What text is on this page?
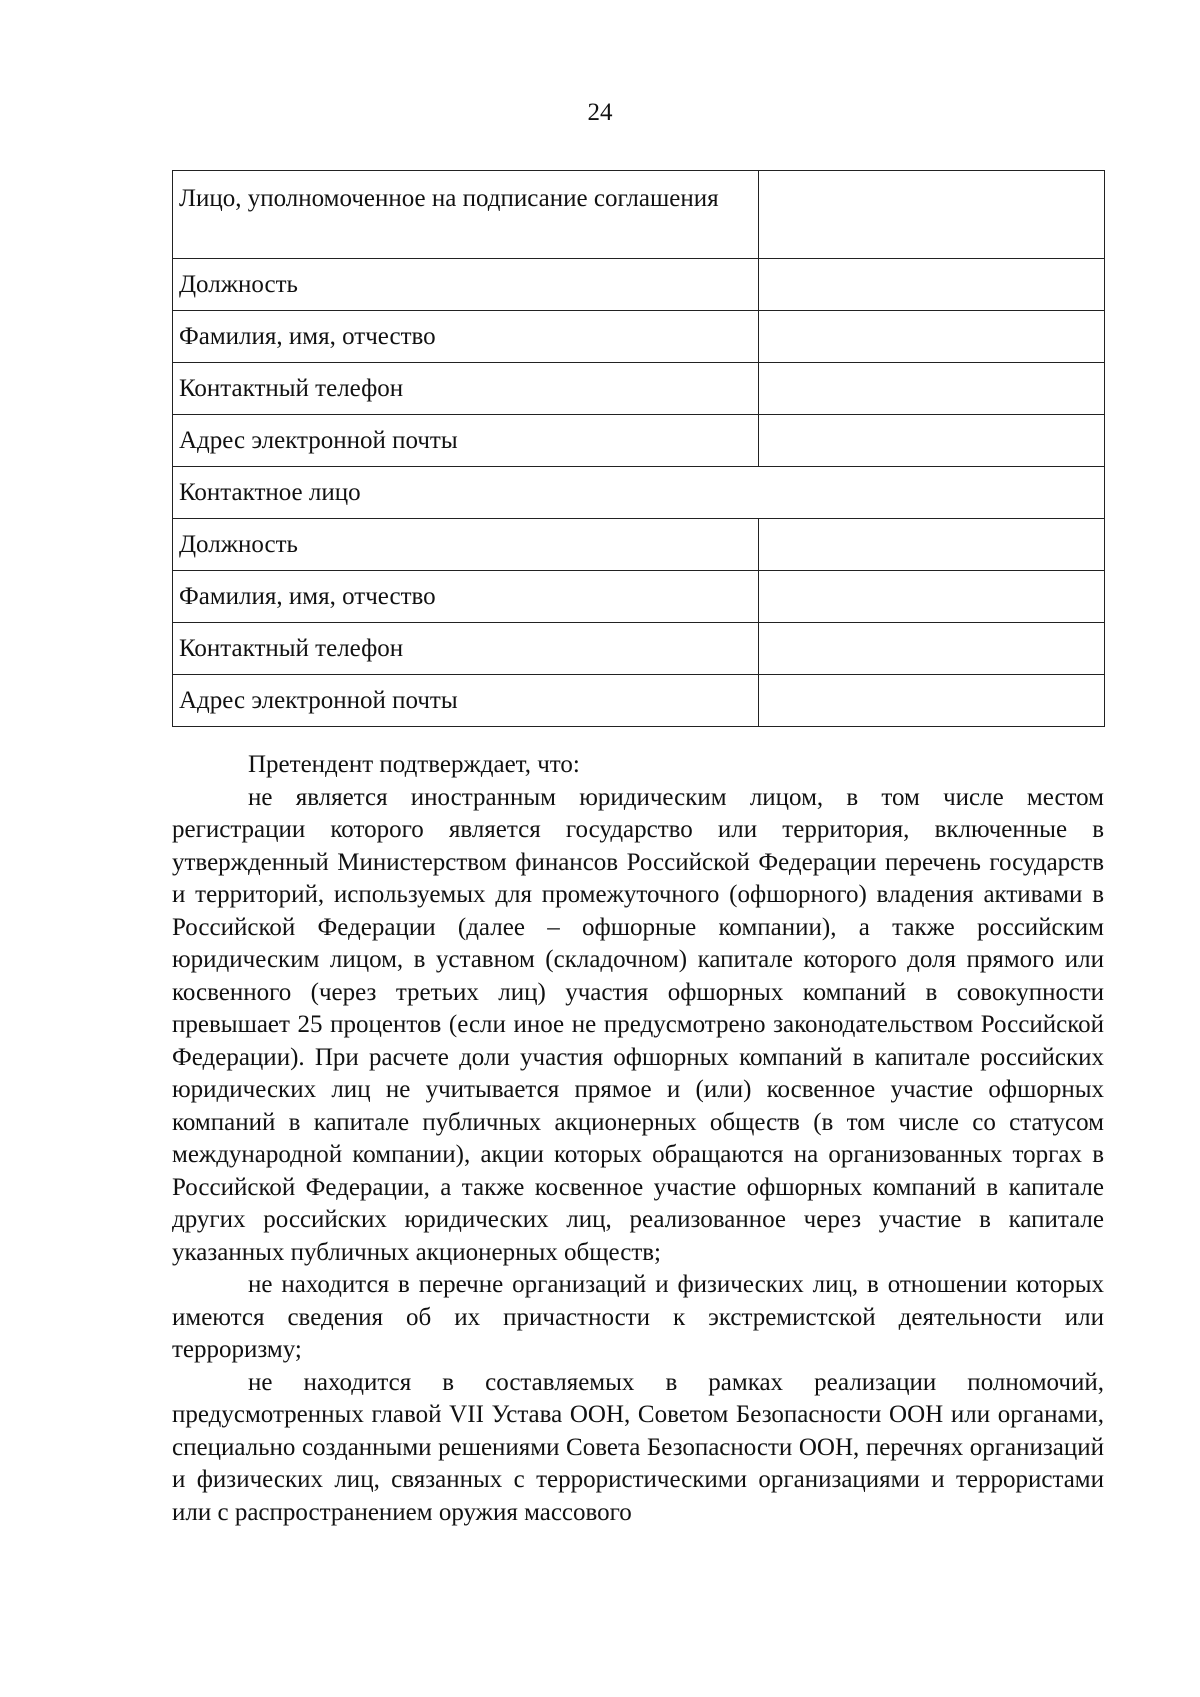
24
Лицо, уполномоченное на подписание соглашения	
Должность	
Фамилия, имя, отчество	
Контактный телефон	
Адрес электронной почты	
Контактное лицо	
Должность	
Фамилия, имя, отчество	
Контактный телефон	
Адрес электронной почты	

Претендент подтверждает, что:

не является иностранным юридическим лицом, в том числе местом регистрации которого является государство или территория, включенные в утвержденный Министерством финансов Российской Федерации перечень государств и территорий, используемых для промежуточного (офшорного) владения активами в Российской Федерации (далее – офшорные компании), а также российским юридическим лицом, в уставном (складочном) капитале которого доля прямого или косвенного (через третьих лиц) участия офшорных компаний в совокупности превышает 25 процентов (если иное не предусмотрено законодательством Российской Федерации). При расчете доли участия офшорных компаний в капитале российских юридических лиц не учитывается прямое и (или) косвенное участие офшорных компаний в капитале публичных акционерных обществ (в том числе со статусом международной компании), акции которых обращаются на организованных торгах в Российской Федерации, а также косвенное участие офшорных компаний в капитале других российских юридических лиц, реализованное через участие в капитале указанных публичных акционерных обществ;

не находится в перечне организаций и физических лиц, в отношении которых имеются сведения об их причастности к экстремистской деятельности или терроризму;

не находится в составляемых в рамках реализации полномочий, предусмотренных главой VII Устава ООН, Советом Безопасности ООН или органами, специально созданными решениями Совета Безопасности ООН, перечнях организаций и физических лиц, связанных с террористическими организациями и террористами или с распространением оружия массового
